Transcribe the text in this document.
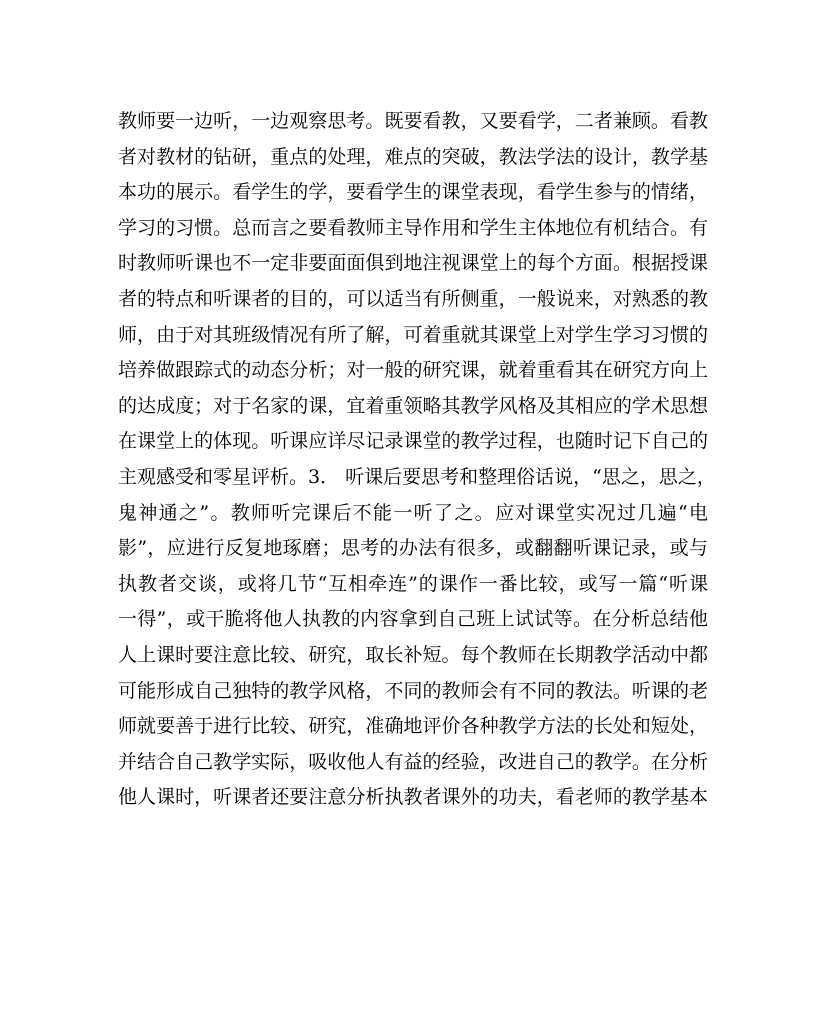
教师要一边听，一边观察思考。既要看教，又要看学，二者兼顾。看教
者对教材的钻研，重点的处理，难点的突破，教法学法的设计，教学基
本功的展示。看学生的学，要看学生的课堂表现，看学生参与的情绪，
学习的习惯。总而言之要看教师主导作用和学生主体地位有机结合。有
时教师听课也不一定非要面面俱到地注视课堂上的每个方面。根据授课
者的特点和听课者的目的，可以适当有所侧重，一般说来，对熟悉的教
师，由于对其班级情况有所了解，可着重就其课堂上对学生学习习惯的
培养做跟踪式的动态分析；对一般的研究课，就着重看其在研究方向上
的达成度；对于名家的课，宜着重领略其教学风格及其相应的学术思想
在课堂上的体现。听课应详尽记录课堂的教学过程，也随时记下自己的
主观感受和零星评析。3． 听课后要思考和整理俗话说，“思之，思之，
鬼神通之”。教师听完课后不能一听了之。应对课堂实况过几遍“电
影”，应进行反复地琢磨；思考的办法有很多，或翻翻听课记录，或与
执教者交谈，或将几节“互相牵连”的课作一番比较，或写一篇“听课
一得”，或干脆将他人执教的内容拿到自己班上试试等。在分析总结他
人上课时要注意比较、研究，取长补短。每个教师在长期教学活动中都
可能形成自己独特的教学风格，不同的教师会有不同的教法。听课的老
师就要善于进行比较、研究，准确地评价各种教学方法的长处和短处，
并结合自己教学实际，吸收他人有益的经验，改进自己的教学。在分析
他人课时，听课者还要注意分析执教者课外的功夫，看老师的教学基本
